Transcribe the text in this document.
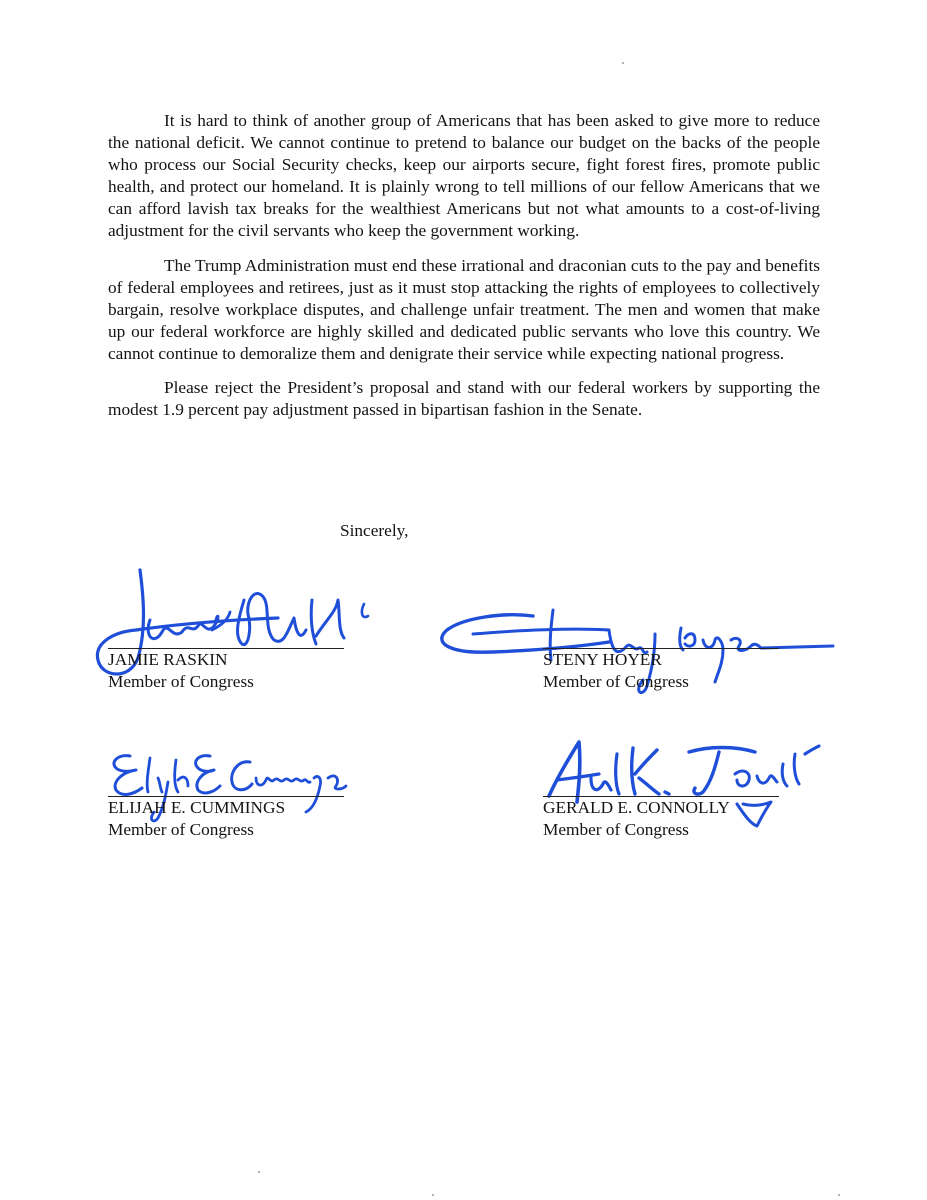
It is hard to think of another group of Americans that has been asked to give more to reduce the national deficit. We cannot continue to pretend to balance our budget on the backs of the people who process our Social Security checks, keep our airports secure, fight forest fires, promote public health, and protect our homeland. It is plainly wrong to tell millions of our fellow Americans that we can afford lavish tax breaks for the wealthiest Americans but not what amounts to a cost-of-living adjustment for the civil servants who keep the government working.

The Trump Administration must end these irrational and draconian cuts to the pay and benefits of federal employees and retirees, just as it must stop attacking the rights of employees to collectively bargain, resolve workplace disputes, and challenge unfair treatment. The men and women that make up our federal workforce are highly skilled and dedicated public servants who love this country. We cannot continue to demoralize them and denigrate their service while expecting national progress.

Please reject the President’s proposal and stand with our federal workers by supporting the modest 1.9 percent pay adjustment passed in bipartisan fashion in the Senate.

Sincerely,
JAMIE RASKIN
Member of Congress
STENY HOYER
Member of Congress
ELIJAH E. CUMMINGS
Member of Congress
GERALD E. CONNOLLY
Member of Congress
